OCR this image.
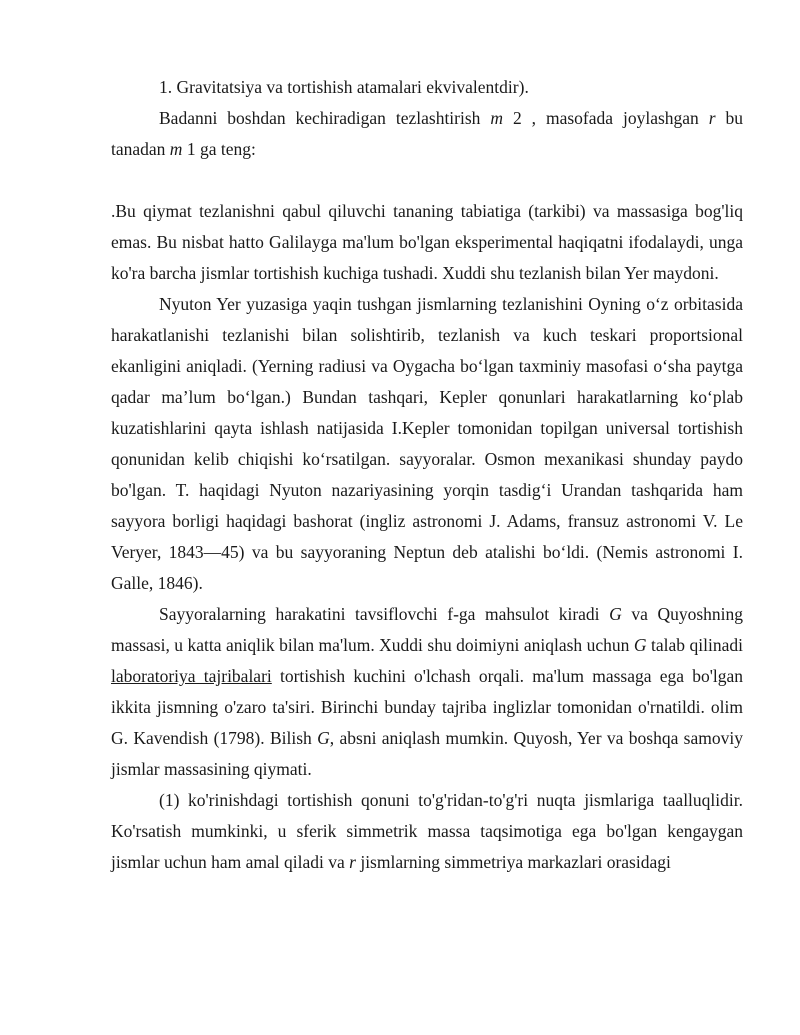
1. Gravitatsiya va tortishish atamalari ekvivalentdir).

Badanni boshdan kechiradigan tezlashtirish m 2 , masofada joylashgan r bu tanadan m 1 ga teng:

.Bu qiymat tezlanishni qabul qiluvchi tananing tabiatiga (tarkibi) va massasiga bog'liq emas. Bu nisbat hatto Galilayga ma'lum bo'lgan eksperimental haqiqatni ifodalaydi, unga ko'ra barcha jismlar tortishish kuchiga tushadi. Xuddi shu tezlanish bilan Yer maydoni.

Nyuton Yer yuzasiga yaqin tushgan jismlarning tezlanishini Oyning o‘z orbitasida harakatlanishi tezlanishi bilan solishtirib, tezlanish va kuch teskari proportsional ekanligini aniqladi. (Yerning radiusi va Oygacha bo‘lgan taxminiy masofasi o‘sha paytga qadar ma’lum bo‘lgan.) Bundan tashqari, Kepler qonunlari harakatlarning ko‘plab kuzatishlarini qayta ishlash natijasida I.Kepler tomonidan topilgan universal tortishish qonunidan kelib chiqishi ko‘rsatilgan. sayyoralar. Osmon mexanikasi shunday paydo bo'lgan. T. haqidagi Nyuton nazariyasining yorqin tasdig‘i Urandan tashqarida ham sayyora borligi haqidagi bashorat (ingliz astronomi J. Adams, fransuz astronomi V. Le Veryer, 1843—45) va bu sayyoraning Neptun deb atalishi bo‘ldi. (Nemis astronomi I. Galle, 1846).

Sayyoralarning harakatini tavsiflovchi f-ga mahsulot kiradi G va Quyoshning massasi, u katta aniqlik bilan ma'lum. Xuddi shu doimiyni aniqlash uchun G talab qilinadi laboratoriya tajribalari tortishish kuchini o'lchash orqali. ma'lum massaga ega bo'lgan ikkita jismning o'zaro ta'siri. Birinchi bunday tajriba inglizlar tomonidan o'rnatildi. olim G. Kavendish (1798). Bilish G, absni aniqlash mumkin. Quyosh, Yer va boshqa samoviy jismlar massasining qiymati.

(1) ko'rinishdagi tortishish qonuni to'g'ridan-to'g'ri nuqta jismlariga taalluqlidir. Ko'rsatish mumkinki, u sferik simmetrik massa taqsimotiga ega bo'lgan kengaygan jismlar uchun ham amal qiladi va r jismlarning simmetriya markazlari orasidagi
